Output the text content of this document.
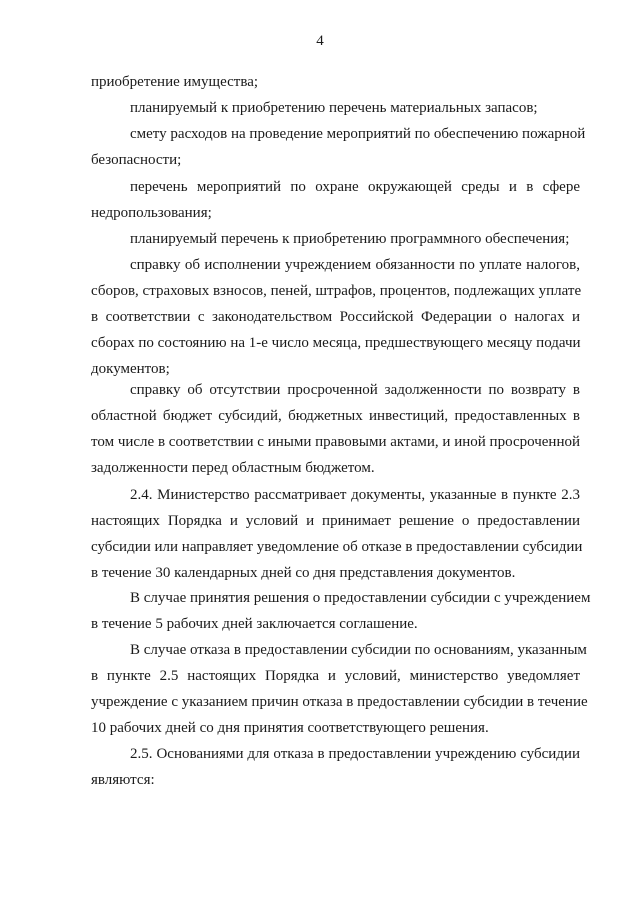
4
приобретение имущества;
планируемый к приобретению перечень материальных запасов;
смету расходов на проведение мероприятий по обеспечению пожарной
безопасности;
перечень мероприятий по охране окружающей среды и в сфере
недропользования;
планируемый перечень к приобретению программного обеспечения;
справку об исполнении учреждением обязанности по уплате налогов,
сборов, страховых взносов, пеней, штрафов, процентов, подлежащих уплате
в соответствии с законодательством Российской Федерации о налогах и
сборах по состоянию на 1-е число месяца, предшествующего месяцу подачи
документов;
справку об отсутствии просроченной задолженности по возврату в
областной бюджет субсидий, бюджетных инвестиций, предоставленных в
том числе в соответствии с иными правовыми актами, и иной просроченной
задолженности перед областным бюджетом.
2.4. Министерство рассматривает документы, указанные в пункте 2.3
настоящих Порядка и условий и принимает решение о предоставлении
субсидии или направляет уведомление об отказе в предоставлении субсидии
в течение 30 календарных дней со дня представления документов.
В случае принятия решения о предоставлении субсидии с учреждением
в течение 5 рабочих дней заключается соглашение.
В случае отказа в предоставлении субсидии по основаниям, указанным
в пункте 2.5 настоящих Порядка и условий, министерство уведомляет
учреждение с указанием причин отказа в предоставлении субсидии в течение
10 рабочих дней со дня принятия соответствующего решения.
2.5. Основаниями для отказа в предоставлении учреждению субсидии
являются:
